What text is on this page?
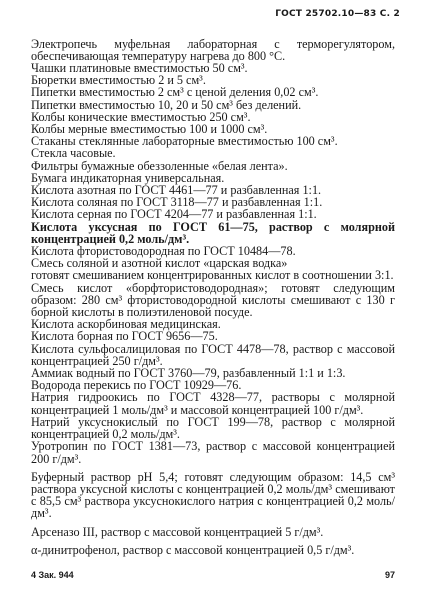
ГОСТ 25702.10—83 С. 2
Электропечь муфельная лабораторная с терморегулятором, обеспечивающая температуру нагрева до 800 °С.
Чашки платиновые вместимостью 50 см³.
Бюретки вместимостью 2 и 5 см³.
Пипетки вместимостью 2 см³ с ценой деления 0,02 см³.
Пипетки вместимостью 10, 20 и 50 см³ без делений.
Колбы конические вместимостью 250 см³.
Колбы мерные вместимостью 100 и 1000 см³.
Стаканы стеклянные лабораторные вместимостью 100 см³.
Стекла часовые.
Фильтры бумажные обеззоленные «белая лента».
Бумага индикаторная универсальная.
Кислота азотная по ГОСТ 4461—77 и разбавленная 1:1.
Кислота соляная по ГОСТ 3118—77 и разбавленная 1:1.
Кислота серная по ГОСТ 4204—77 и разбавленная 1:1.
Кислота уксусная по ГОСТ 61—75, раствор с молярной концентрацией 0,2 моль/дм³.
Кислота фтористоводородная по ГОСТ 10484—78.
Смесь соляной и азотной кислот «царская водка»
готовят смешиванием концентрированных кислот в соотношении 3:1.
Смесь кислот «борфтористоводородная»; готовят следующим образом: 280 см³ фтористоводородной кислоты смешивают с 130 г борной кислоты в полиэтиленовой посуде.
Кислота аскорбиновая медицинская.
Кислота борная по ГОСТ 9656—75.
Кислота сульфосалициловая по ГОСТ 4478—78, раствор с массовой концентрацией 250 г/дм³.
Аммиак водный по ГОСТ 3760—79, разбавленный 1:1 и 1:3.
Водорода перекись по ГОСТ 10929—76.
Натрия гидроокись по ГОСТ 4328—77, растворы с молярной концентрацией 1 моль/дм³ и массовой концентрацией 100 г/дм³.
Натрий уксуснокислый по ГОСТ 199—78, раствор с молярной концентрацией 0,2 моль/дм³.
Уротропин по ГОСТ 1381—73, раствор с массовой концентрацией 200 г/дм³.
Буферный раствор рН 5,4; готовят следующим образом: 14,5 см³ раствора уксусной кислоты с концентрацией 0,2 моль/дм³ смешивают с 85,5 см³ раствора уксуснокислого натрия с концентрацией 0,2 моль/дм³.
Арсеназо III, раствор с массовой концентрацией 5 г/дм³.
α-динитрофенол, раствор с массовой концентрацией 0,5 г/дм³.
4 Зак. 944	97
